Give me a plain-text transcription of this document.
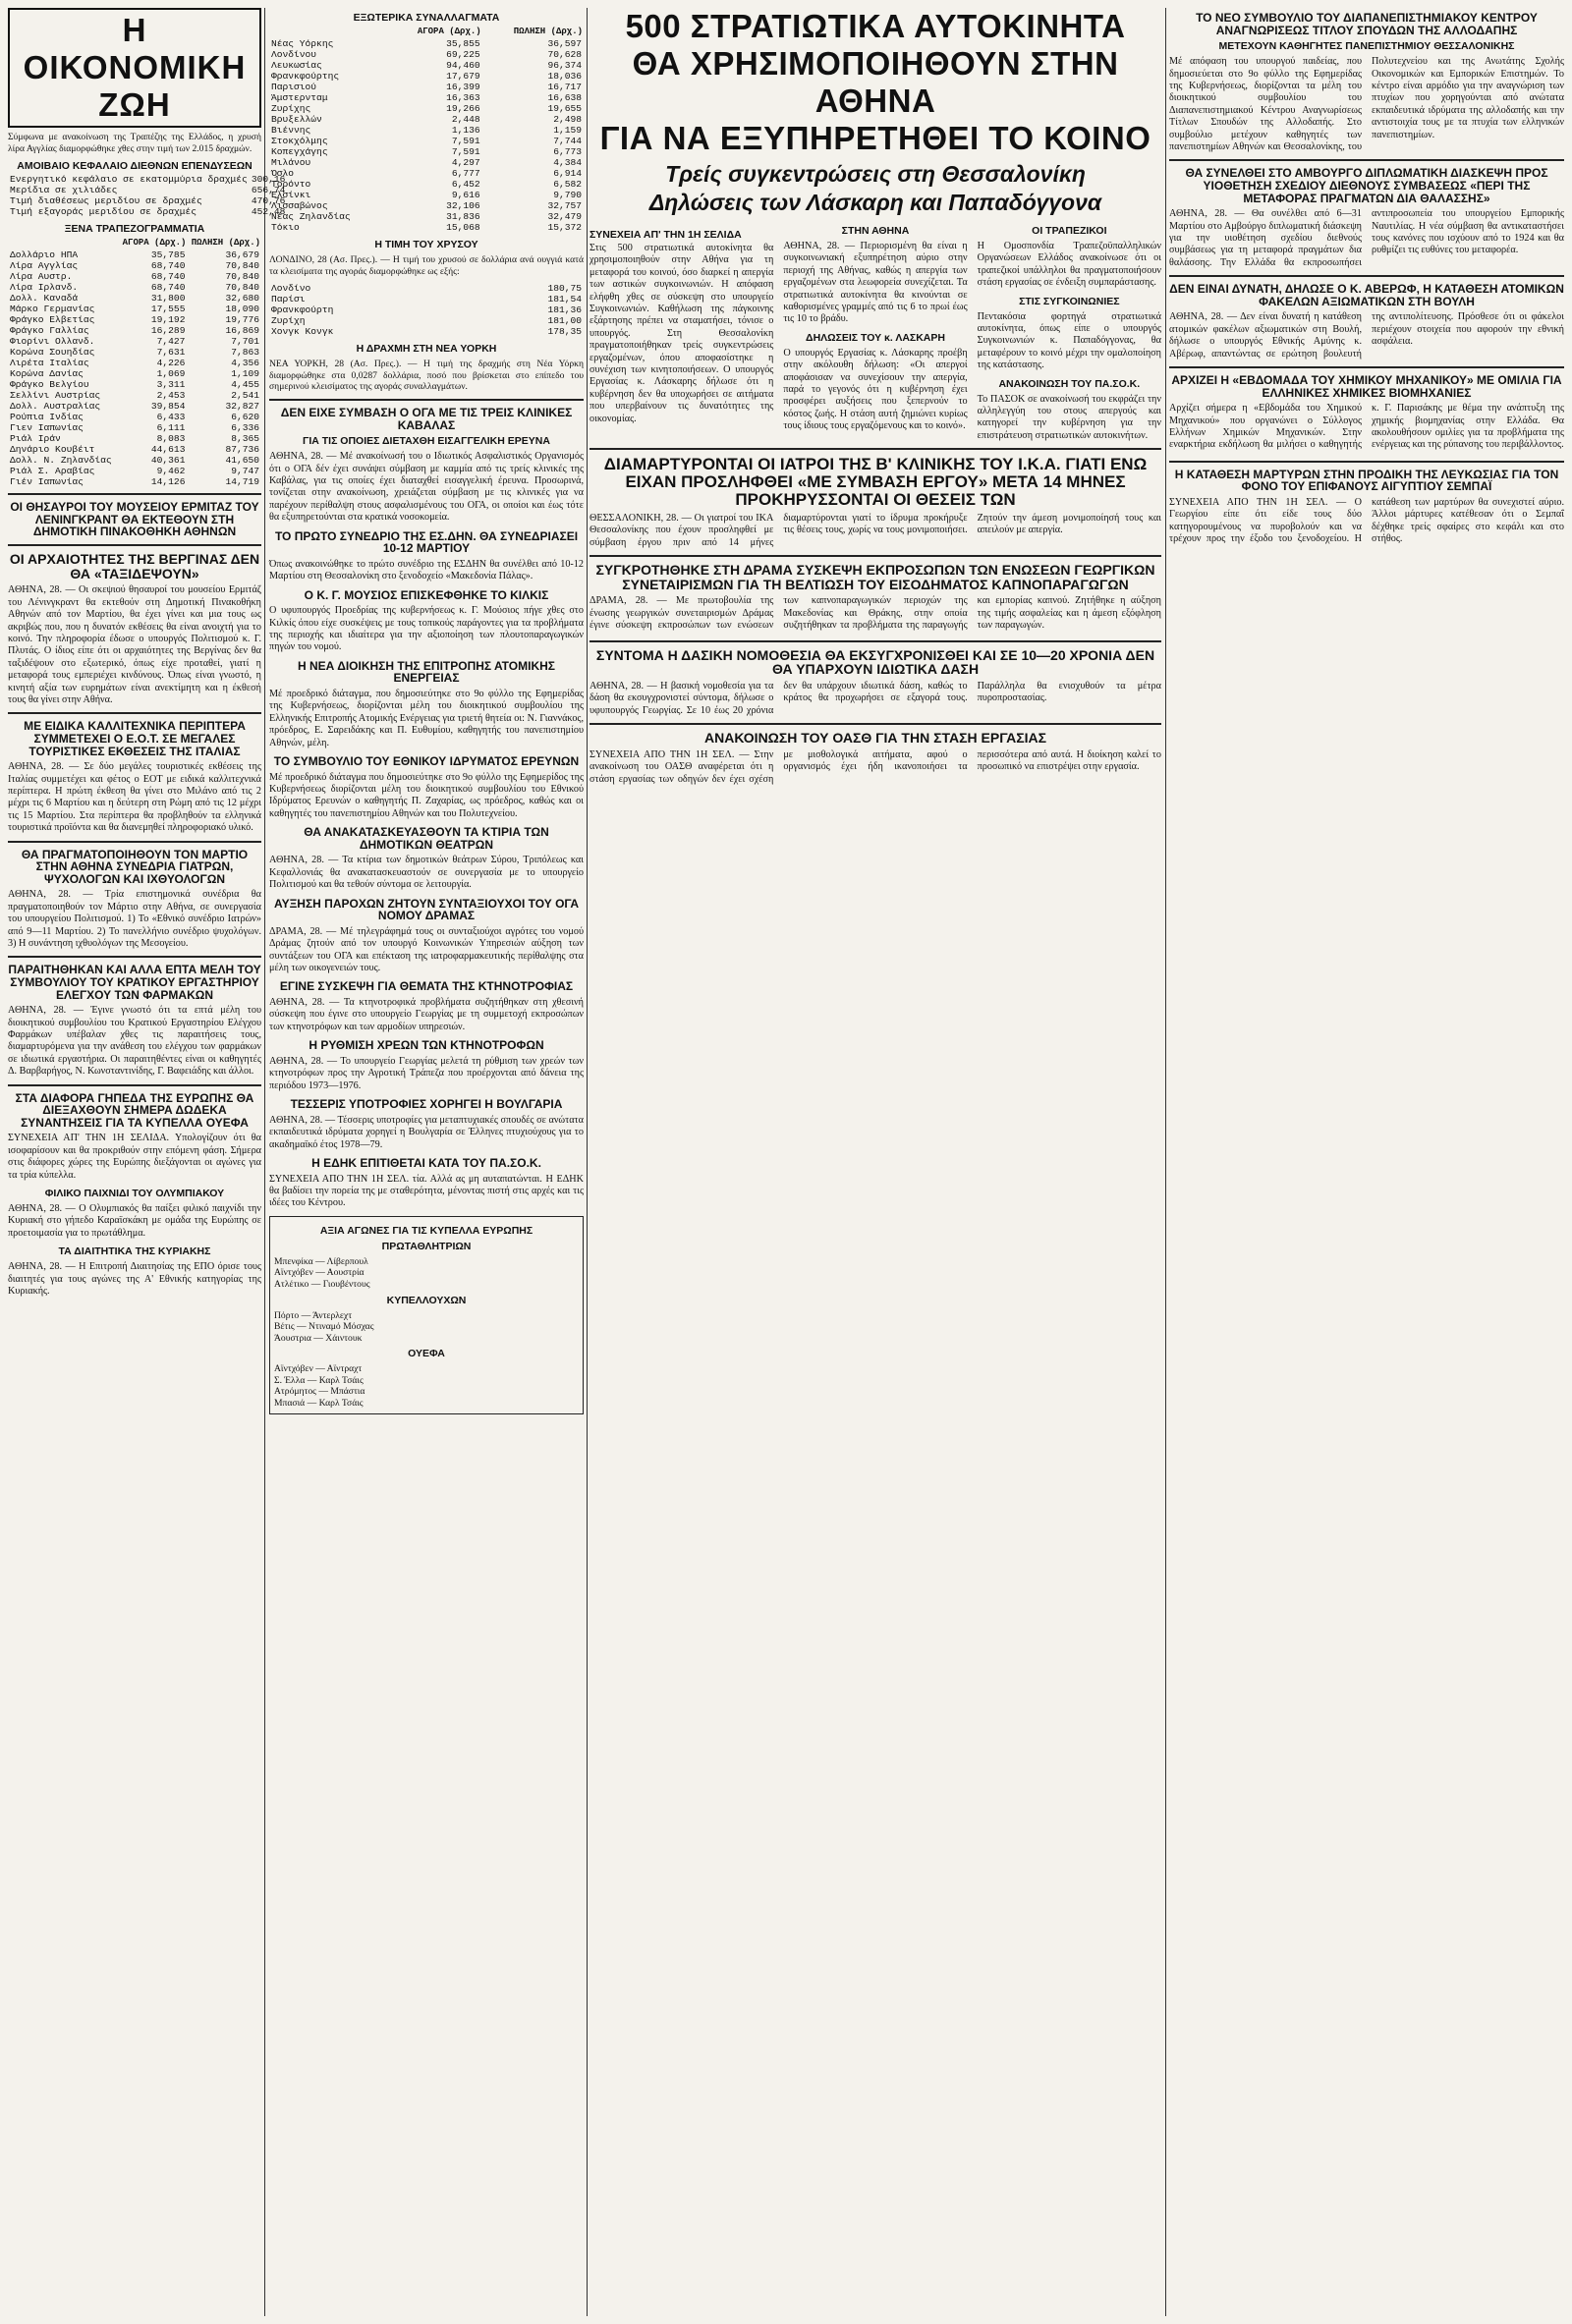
Η ΟΙΚΟΝΟΜΙΚΗ ΖΩΗ

Σύμφωνα με ανακοίνωση της Τραπέζης της Ελλάδος, η χρυσή λίρα Αγγλίας διαμορφώθηκε χθες στην τιμή των 2.015 δραχμών.

ΑΜΟΙΒΑΙΟ ΚΕΦΑΛΑΙΟ ΔΙΕΘΝΩΝ ΕΠΕΝΔΥΣΕΩΝ
Ενεργητικό κεφάλαιο σε εκατομμύρια δραχμές	300,16
Μερίδια σε χιλιάδες	656,74
Τιμή διαθέσεως μεριδίου σε δραχμές	470,76
Τιμή εξαγοράς μεριδίου σε δραχμές	452,48
ΞΕΝΑ ΤΡΑΠΕΖΟΓΡΑΜΜΑΤΙΑ
	ΑΓΟΡΑ (Δρχ.)	ΠΩΛΗΣΗ (Δρχ.)
Δολλάριο ΗΠΑ	35,785	36,679
Λίρα Αγγλίας	68,740	70,840
Λίρα Αυστρ.	68,740	70,840
Λίρα Ιρλανδ.	68,740	70,840
Δολλ. Καναδά	31,800	32,680
Μάρκο Γερμανίας	17,555	18,090
Φράγκο Ελβετίας	19,192	19,776
Φράγκο Γαλλίας	16,289	16,869
Φιορίνι Ολλανδ.	7,427	7,701
Κορώνα Σουηδίας	7,631	7,863
Λιρέτα Ιταλίας	4,226	4,356
Κορώνα Δανίας	1,069	1,109
Φράγκο Βελγίου	3,311	4,455
Σελλίνι Αυστρίας	2,453	2,541
Δολλ. Αυστραλίας	39,854	32,827
Ρούπια Ινδίας	6,433	6,620
Γιεν Ιαπωνίας	6,111	6,336
Ριάλ Ιράν	8,083	8,365
Δηνάριο Κουβέιτ	44,613	87,736
Δολλ. Ν. Ζηλανδίας	40,361	41,650
Ριάλ Σ. Αραβίας	9,462	9,747
Γιέν Ιαπωνίας	14,126	14,719
ΟΙ ΘΗΣΑΥΡΟΙ ΤΟΥ ΜΟΥΣΕΙΟΥ ΕΡΜΙΤΑΖ ΤΟΥ ΛΕΝΙΝΓΚΡΑΝΤ ΘΑ ΕΚΤΕΘΟΥΝ ΣΤΗ ΔΗΜΟΤΙΚΗ ΠΙΝΑΚΟΘΗΚΗ ΑΘΗΝΩΝ
ΟΙ ΑΡΧΑΙΟΤΗΤΕΣ ΤΗΣ ΒΕΡΓΙΝΑΣ ΔΕΝ ΘΑ «ΤΑΞΙΔΕΨΟΥΝ»

ΑΘΗΝΑ, 28. — Οι σκεψιού θησαυροί του μουσείου Ερμιτάζ του Λένινγκραντ θα εκτεθούν στη Δημοτική Πινακοθήκη Αθηνών από τον Μαρτίου, θα έχει γίνει και μια τους ως ακριβώς που, που η δυνατόν εκθέσεις θα είναι ανοιχτή για το κοινό. Την πληροφορία έδωσε ο υπουργός Πολιτισμού κ. Γ. Πλυτάς. Ο ίδιος είπε ότι οι αρχαιότητες της Βεργίνας δεν θα ταξιδέψουν στο εξωτερικό, όπως είχε προταθεί, γιατί η μεταφορά τους εμπεριέχει κινδύνους. Όπως είναι γνωστό, η κινητή αξία των ευρημάτων είναι ανεκτίμητη και η έκθεσή τους θα γίνει στην Αθήνα.

ΜΕ ΕΙΔΙΚΑ ΚΑΛΛΙΤΕΧΝΙΚΑ ΠΕΡΙΠΤΕΡΑ ΣΥΜΜΕΤΕΧΕΙ Ο Ε.Ο.Τ. ΣΕ ΜΕΓΑΛΕΣ ΤΟΥΡΙΣΤΙΚΕΣ ΕΚΘΕΣΕΙΣ ΤΗΣ ΙΤΑΛΙΑΣ

ΑΘΗΝΑ, 28. — Σε δύο μεγάλες τουριστικές εκθέσεις της Ιταλίας συμμετέχει και φέτος ο ΕΟΤ με ειδικά καλλιτεχνικά περίπτερα. Η πρώτη έκθεση θα γίνει στο Μιλάνο από τις 2 μέχρι τις 6 Μαρτίου και η δεύτερη στη Ρώμη από τις 12 μέχρι τις 15 Μαρτίου. Στα περίπτερα θα προβληθούν τα ελληνικά τουριστικά προϊόντα και θα διανεμηθεί πληροφοριακό υλικό.

ΘΑ ΠΡΑΓΜΑΤΟΠΟΙΗΘΟΥΝ ΤΟΝ ΜΑΡΤΙΟ ΣΤΗΝ ΑΘΗΝΑ ΣΥΝΕΔΡΙΑ ΓΙΑΤΡΩΝ, ΨΥΧΟΛΟΓΩΝ ΚΑΙ ΙΧΘΥΟΛΟΓΩΝ

ΑΘΗΝΑ, 28. — Τρία επιστημονικά συνέδρια θα πραγματοποιηθούν τον Μάρτιο στην Αθήνα, σε συνεργασία του υπουργείου Πολιτισμού. 1) Το «Εθνικό συνέδριο Ιατρών» από 9—11 Μαρτίου. 2) Το πανελλήνιο συνέδριο ψυχολόγων. 3) Η συνάντηση ιχθυολόγων της Μεσογείου.

ΠΑΡΑΙΤΗΘΗΚΑΝ ΚΑΙ ΑΛΛΑ ΕΠΤΑ ΜΕΛΗ ΤΟΥ ΣΥΜΒΟΥΛΙΟΥ ΤΟΥ ΚΡΑΤΙΚΟΥ ΕΡΓΑΣΤΗΡΙΟΥ ΕΛΕΓΧΟΥ ΤΩΝ ΦΑΡΜΑΚΩΝ

ΑΘΗΝΑ, 28. — Έγινε γνωστό ότι τα επτά μέλη του διοικητικού συμβουλίου του Κρατικού Εργαστηρίου Ελέγχου Φαρμάκων υπέβαλαν χθες τις παραιτήσεις τους, διαμαρτυρόμενα για την ανάθεση του ελέγχου των φαρμάκων σε ιδιωτικά εργαστήρια. Οι παραιτηθέντες είναι οι καθηγητές Δ. Βαρβαρήγος, Ν. Κωνσταντινίδης, Γ. Βαφειάδης και άλλοι.

ΣΤΑ ΔΙΑΦΟΡΑ ΓΗΠΕΔΑ ΤΗΣ ΕΥΡΩΠΗΣ ΘΑ ΔΙΕΞΑΧΘΟΥΝ ΣΗΜΕΡΑ ΔΩΔΕΚΑ ΣΥΝΑΝΤΗΣΕΙΣ ΓΙΑ ΤΑ ΚΥΠΕΛΛΑ ΟΥΕΦΑ

ΣΥΝΕΧΕΙΑ ΑΠ' ΤΗΝ 1Η ΣΕΛΙΔΑ. Υπολογίζουν ότι θα ισοφαρίσουν και θα προκριθούν στην επόμενη φάση. Σήμερα στις διάφορες χώρες της Ευρώπης διεξάγονται οι αγώνες για τα τρία κύπελλα.

ΦΙΛΙΚΟ ΠΑΙΧΝΙΔΙ ΤΟΥ ΟΛΥΜΠΙΑΚΟΥ

ΑΘΗΝΑ, 28. — Ο Ολυμπιακός θα παίξει φιλικό παιχνίδι την Κυριακή στο γήπεδο Καραϊσκάκη με ομάδα της Ευρώπης σε προετοιμασία για το πρωτάθλημα.

ΤΑ ΔΙΑΙΤΗΤΙΚΑ ΤΗΣ ΚΥΡΙΑΚΗΣ

ΑΘΗΝΑ, 28. — Η Επιτροπή Διαιτησίας της ΕΠΟ όρισε τους διαιτητές για τους αγώνες της Α' Εθνικής κατηγορίας της Κυριακής.

ΕΞΩΤΕΡΙΚΑ ΣΥΝΑΛΛΑΓΜΑΤΑ
	ΑΓΟΡΑ (Δρχ.)	ΠΩΛΗΣΗ (Δρχ.)
Νέας Υόρκης	35,855	36,597
Λονδίνου	69,225	70,628
Λευκωσίας	94,460	96,374
Φρανκφούρτης	17,679	18,036
Παρισιού	16,399	16,717
Άμστερνταμ	16,363	16,638
Ζυρίχης	19,266	19,655
Βρυξελλών	2,448	2,498
Βιέννης	1,136	1,159
Στοκχόλμης	7,591	7,744
Κοπεγχάγης	7,591	6,773
Μιλάνου	4,297	4,384
Όσλο	6,777	6,914
Τορόντο	6,452	6,582
Ελσίνκι	9,616	9,790
Λισσαβώνος	32,106	32,757
Νέας Ζηλανδίας	31,836	32,479
Τόκιο	15,068	15,372
Η ΤΙΜΗ ΤΟΥ ΧΡΥΣΟΥ

ΛΟΝΔΙΝΟ, 28 (Ασ. Πρες.). — Η τιμή του χρυσού σε δολλάρια ανά ουγγιά κατά τα κλεισίματα της αγοράς διαμορφώθηκε ως εξής:

Λονδίνο	180,75
Παρίσι	181,54
Φρανκφούρτη	181,36
Ζυρίχη	181,00
Χονγκ Κονγκ	178,35
Η ΔΡΑΧΜΗ ΣΤΗ ΝΕΑ ΥΟΡΚΗ

ΝΕΑ ΥΟΡΚΗ, 28 (Ασ. Πρες.). — Η τιμή της δραχμής στη Νέα Υόρκη διαμορφώθηκε στα 0,0287 δολλάρια, ποσό που βρίσκεται στο επίπεδο του σημερινού κλεισίματος της αγοράς συναλλαγμάτων.

ΔΕΝ ΕΙΧΕ ΣΥΜΒΑΣΗ Ο ΟΓΑ ΜΕ ΤΙΣ ΤΡΕΙΣ ΚΛΙΝΙΚΕΣ ΚΑΒΑΛΑΣ
ΓΙΑ ΤΙΣ ΟΠΟΙΕΣ ΔΙΕΤΑΧΘΗ ΕΙΣΑΓΓΕΛΙΚΗ ΕΡΕΥΝΑ

ΑΘΗΝΑ, 28. — Μέ ανακοίνωσή του ο Ιδιωτικός Ασφαλιστικός Οργανισμός ότι ο ΟΓΑ δέν έχει συνάψει σύμβαση με καμμία από τις τρείς κλινικές της Καβάλας, για τις οποίες έχει διαταχθεί εισαγγελική έρευνα. Προσωρινά, τονίζεται στην ανακοίνωση, χρειάζεται σύμβαση με τις κλινικές για να παρέχουν περίθαλψη στους ασφαλισμένους του ΟΓΑ, οι οποίοι και έως τότε θα εξυπηρετούνται στα κρατικά νοσοκομεία.

ΤΟ ΠΡΩΤΟ ΣΥΝΕΔΡΙΟ ΤΗΣ ΕΣ.ΔΗΝ. ΘΑ ΣΥΝΕΔΡΙΑΣΕΙ 10-12 ΜΑΡΤΙΟΥ

Όπως ανακοινώθηκε το πρώτο συνέδριο της ΕΣΔΗΝ θα συνέλθει από 10-12 Μαρτίου στη Θεσσαλονίκη στο ξενοδοχείο «Μακεδονία Πάλας».

Ο Κ. Γ. ΜΟΥΣΙΟΣ ΕΠΙΣΚΕΦΘΗΚΕ ΤΟ ΚΙΛΚΙΣ

Ο υφυπουργός Προεδρίας της κυβερνήσεως κ. Γ. Μούσιος πήγε χθες στο Κιλκίς όπου είχε συσκέψεις με τους τοπικούς παράγοντες για τα προβλήματα της περιοχής και ιδιαίτερα για την αξιοποίηση των πλουτοπαραγωγικών πηγών του νομού.

Η ΝΕΑ ΔΙΟΙΚΗΣΗ ΤΗΣ ΕΠΙΤΡΟΠΗΣ ΑΤΟΜΙΚΗΣ ΕΝΕΡΓΕΙΑΣ

Μέ προεδρικό διάταγμα, που δημοσιεύτηκε στο 9ο φύλλο της Εφημερίδας της Κυβερνήσεως, διορίζονται μέλη του διοικητικού συμβουλίου της Ελληνικής Επιτροπής Ατομικής Ενέργειας για τριετή θητεία οι: Ν. Γιαννάκος, πρόεδρος, Ε. Σαρειδάκης και Π. Ευθυμίου, καθηγητής του πανεπιστημίου Αθηνών, μέλη.

ΤΟ ΣΥΜΒΟΥΛΙΟ ΤΟΥ ΕΘΝΙΚΟΥ ΙΔΡΥΜΑΤΟΣ ΕΡΕΥΝΩΝ

Μέ προεδρικό διάταγμα που δημοσιεύτηκε στο 9ο φύλλο της Εφημερίδος της Κυβερνήσεως διορίζονται μέλη του διοικητικού συμβουλίου του Εθνικού Ιδρύματος Ερευνών ο καθηγητής Π. Ζαχαρίας, ως πρόεδρος, καθώς και οι καθηγητές του πανεπιστημίου Αθηνών και του Πολυτεχνείου.

ΘΑ ΑΝΑΚΑΤΑΣΚΕΥΑΣΘΟΥΝ ΤΑ ΚΤΙΡΙΑ ΤΩΝ ΔΗΜΟΤΙΚΩΝ ΘΕΑΤΡΩΝ

ΑΘΗΝΑ, 28. — Τα κτίρια των δημοτικών θεάτρων Σύρου, Τριπόλεως και Κεφαλλονιάς θα ανακατασκευαστούν σε συνεργασία με το υπουργείο Πολιτισμού και θα τεθούν σύντομα σε λειτουργία.

ΑΥΞΗΣΗ ΠΑΡΟΧΩΝ ΖΗΤΟΥΝ ΣΥΝΤΑΞΙΟΥΧΟΙ ΤΟΥ ΟΓΑ ΝΟΜΟΥ ΔΡΑΜΑΣ

ΔΡΑΜΑ, 28. — Μέ τηλεγράφημά τους οι συνταξιούχοι αγρότες του νομού Δράμας ζητούν από τον υπουργό Κοινωνικών Υπηρεσιών αύξηση των συντάξεων του ΟΓΑ και επέκταση της ιατροφαρμακευτικής περίθαλψης στα μέλη των οικογενειών τους.

ΕΓΙΝΕ ΣΥΣΚΕΨΗ ΓΙΑ ΘΕΜΑΤΑ ΤΗΣ ΚΤΗΝΟΤΡΟΦΙΑΣ

ΑΘΗΝΑ, 28. — Τα κτηνοτροφικά προβλήματα συζητήθηκαν στη χθεσινή σύσκεψη που έγινε στο υπουργείο Γεωργίας με τη συμμετοχή εκπροσώπων των κτηνοτρόφων και των αρμοδίων υπηρεσιών.

Η ΡΥΘΜΙΣΗ ΧΡΕΩΝ ΤΩΝ ΚΤΗΝΟΤΡΟΦΩΝ

ΑΘΗΝΑ, 28. — Το υπουργείο Γεωργίας μελετά τη ρύθμιση των χρεών των κτηνοτρόφων προς την Αγροτική Τράπεζα που προέρχονται από δάνεια της περιόδου 1973—1976.

ΤΕΣΣΕΡΙΣ ΥΠΟΤΡΟΦΙΕΣ ΧΟΡΗΓΕΙ Η ΒΟΥΛΓΑΡΙΑ

ΑΘΗΝΑ, 28. — Τέσσερις υποτροφίες για μεταπτυχιακές σπουδές σε ανώτατα εκπαιδευτικά ιδρύματα χορηγεί η Βουλγαρία σε Έλληνες πτυχιούχους για το ακαδημαϊκό έτος 1978—79.

Η ΕΔΗΚ ΕΠΙΤΙΘΕΤΑΙ ΚΑΤΑ ΤΟΥ ΠΑ.ΣΟ.Κ.

ΣΥΝΕΧΕΙΑ ΑΠΟ ΤΗΝ 1Η ΣΕΛ. τία. Αλλά ας μη αυταπατώνται. Η ΕΔΗΚ θα βαδίσει την πορεία της με σταθερότητα, μένοντας πιστή στις αρχές και τις ιδέες του Κέντρου.

ΑΞΙΑ ΑΓΩΝΕΣ ΓΙΑ ΤΙΣ ΚΥΠΕΛΛΑ ΕΥΡΩΠΗΣ
ΠΡΩΤΑΘΛΗΤΡΙΩΝ
Μπενφίκα — Λίβερπουλ
Αϊντχόβεν — Αουστρία
Ατλέτικο — Γιουβέντους
ΚΥΠΕΛΛΟΥΧΩΝ
Πόρτο — Άντερλεχτ
Βέτις — Ντιναμό Μόσχας
Άουστρια — Χάιντουκ
ΟΥΕΦΑ
Αϊντχόβεν — Αϊντραχτ
Σ. Έλλα — Καρλ Τσάις
Ατρόμητος — Μπάστια
Μπασιά — Καρλ Τσάις
500 ΣΤΡΑΤΙΩΤΙΚΑ ΑΥΤΟΚΙΝΗΤΑ
ΘΑ ΧΡΗΣΙΜΟΠΟΙΗΘΟΥΝ ΣΤΗΝ ΑΘΗΝΑ
ΓΙΑ ΝΑ ΕΞΥΠΗΡΕΤΗΘΕΙ ΤΟ ΚΟΙΝΟ
Τρείς συγκεντρώσεις στη Θεσσαλονίκη
Δηλώσεις των Λάσκαρη και Παπαδόγγονα
ΣΥΝΕΧΕΙΑ ΑΠ' ΤΗΝ 1Η ΣΕΛΙΔΑ

Στις 500 στρατιωτικά αυτοκίνητα θα χρησιμοποιηθούν στην Αθήνα για τη μεταφορά του κοινού, όσο διαρκεί η απεργία των αστικών συγκοινωνιών. Η απόφαση ελήφθη χθες σε σύσκεψη στο υπουργείο Συγκοινωνιών. Καθήλωση της πάγκοινης εξάρτησης πρέπει να σταματήσει, τόνισε ο υπουργός. Στη Θεσσαλονίκη πραγματοποιήθηκαν τρείς συγκεντρώσεις εργαζομένων, όπου αποφασίστηκε η συνέχιση των κινητοποιήσεων. Ο υπουργός Εργασίας κ. Λάσκαρης δήλωσε ότι η κυβέρνηση δεν θα υποχωρήσει σε αιτήματα που υπερβαίνουν τις δυνατότητες της οικονομίας.

ΣΤΗΝ ΑΘΗΝΑ

ΑΘΗΝΑ, 28. — Περιορισμένη θα είναι η συγκοινωνιακή εξυπηρέτηση αύριο στην περιοχή της Αθήνας, καθώς η απεργία των εργαζομένων στα λεωφορεία συνεχίζεται. Τα στρατιωτικά αυτοκίνητα θα κινούνται σε καθορισμένες γραμμές από τις 6 το πρωί έως τις 10 το βράδυ.

ΔΗΛΩΣΕΙΣ ΤΟΥ κ. ΛΑΣΚΑΡΗ

Ο υπουργός Εργασίας κ. Λάσκαρης προέβη στην ακόλουθη δήλωση: «Οι απεργοί αποφάσισαν να συνεχίσουν την απεργία, παρά το γεγονός ότι η κυβέρνηση έχει προσφέρει αυξήσεις που ξεπερνούν το κόστος ζωής. Η στάση αυτή ζημιώνει κυρίως τους ίδιους τους εργαζόμενους και το κοινό».

ΟΙ ΤΡΑΠΕΖΙΚΟΙ

Η Ομοσπονδία Τραπεζοϋπαλληλικών Οργανώσεων Ελλάδος ανακοίνωσε ότι οι τραπεζικοί υπάλληλοι θα πραγματοποιήσουν στάση εργασίας σε ένδειξη συμπαράστασης.

ΣΤΙΣ ΣΥΓΚΟΙΝΩΝΙΕΣ

Πεντακόσια φορτηγά στρατιωτικά αυτοκίνητα, όπως είπε ο υπουργός Συγκοινωνιών κ. Παπαδόγγονας, θα μεταφέρουν το κοινό μέχρι την ομαλοποίηση της κατάστασης.

ΑΝΑΚΟΙΝΩΣΗ ΤΟΥ ΠΑ.ΣΟ.Κ.

Το ΠΑΣΟΚ σε ανακοίνωσή του εκφράζει την αλληλεγγύη του στους απεργούς και κατηγορεί την κυβέρνηση για την επιστράτευση στρατιωτικών αυτοκινήτων.

ΔΙΑΜΑΡΤΥΡΟΝΤΑΙ ΟΙ ΙΑΤΡΟΙ ΤΗΣ Β' ΚΛΙΝΙΚΗΣ ΤΟΥ Ι.Κ.Α. ΓΙΑΤΙ ΕΝΩ ΕΙΧΑΝ ΠΡΟΣΛΗΦΘΕΙ «ΜΕ ΣΥΜΒΑΣΗ ΕΡΓΟΥ» ΜΕΤΑ 14 ΜΗΝΕΣ ΠΡΟΚΗΡΥΣΣΟΝΤΑΙ ΟΙ ΘΕΣΕΙΣ ΤΩΝ

ΘΕΣΣΑΛΟΝΙΚΗ, 28. — Οι γιατροί του ΙΚΑ Θεσσαλονίκης που έχουν προσληφθεί με σύμβαση έργου πριν από 14 μήνες διαμαρτύρονται γιατί το ίδρυμα προκήρυξε τις θέσεις τους, χωρίς να τους μονιμοποιήσει. Ζητούν την άμεση μονιμοποίησή τους και απειλούν με απεργία.

ΣΥΓΚΡΟΤΗΘΗΚΕ ΣΤΗ ΔΡΑΜΑ ΣΥΣΚΕΨΗ ΕΚΠΡΟΣΩΠΩΝ ΤΩΝ ΕΝΩΣΕΩΝ ΓΕΩΡΓΙΚΩΝ ΣΥΝΕΤΑΙΡΙΣΜΩΝ ΓΙΑ ΤΗ ΒΕΛΤΙΩΣΗ ΤΟΥ ΕΙΣΟΔΗΜΑΤΟΣ ΚΑΠΝΟΠΑΡΑΓΩΓΩΝ

ΔΡΑΜΑ, 28. — Με πρωτοβουλία της ένωσης γεωργικών συνεταιρισμών Δράμας έγινε σύσκεψη εκπροσώπων των ενώσεων των καπνοπαραγωγικών περιοχών της Μακεδονίας και Θράκης, στην οποία συζητήθηκαν τα προβλήματα της παραγωγής και εμπορίας καπνού. Ζητήθηκε η αύξηση της τιμής ασφαλείας και η άμεση εξόφληση των παραγωγών.

ΣΥΝΤΟΜΑ Η ΔΑΣΙΚΗ ΝΟΜΟΘΕΣΙΑ ΘΑ ΕΚΣΥΓΧΡΟΝΙΣΘΕΙ ΚΑΙ ΣΕ 10—20 ΧΡΟΝΙΑ ΔΕΝ ΘΑ ΥΠΑΡΧΟΥΝ ΙΔΙΩΤΙΚΑ ΔΑΣΗ

ΑΘΗΝΑ, 28. — Η βασική νομοθεσία για τα δάση θα εκσυγχρονιστεί σύντομα, δήλωσε ο υφυπουργός Γεωργίας. Σε 10 έως 20 χρόνια δεν θα υπάρχουν ιδιωτικά δάση, καθώς το κράτος θα προχωρήσει σε εξαγορά τους. Παράλληλα θα ενισχυθούν τα μέτρα πυροπροστασίας.

ΑΝΑΚΟΙΝΩΣΗ ΤΟΥ ΟΑΣΘ ΓΙΑ ΤΗΝ ΣΤΑΣΗ ΕΡΓΑΣΙΑΣ

ΣΥΝΕΧΕΙΑ ΑΠΟ ΤΗΝ 1Η ΣΕΛ. — Στην ανακοίνωση του ΟΑΣΘ αναφέρεται ότι η στάση εργασίας των οδηγών δεν έχει σχέση με μισθολογικά αιτήματα, αφού ο οργανισμός έχει ήδη ικανοποιήσει τα περισσότερα από αυτά. Η διοίκηση καλεί το προσωπικό να επιστρέψει στην εργασία.

ΤΟ ΝΕΟ ΣΥΜΒΟΥΛΙΟ ΤΟΥ ΔΙΑΠΑΝΕΠΙΣΤΗΜΙΑΚΟΥ ΚΕΝΤΡΟΥ ΑΝΑΓΝΩΡΙΣΕΩΣ ΤΙΤΛΟΥ ΣΠΟΥΔΩΝ ΤΗΣ ΑΛΛΟΔΑΠΗΣ
ΜΕΤΕΧΟΥΝ ΚΑΘΗΓΗΤΕΣ ΠΑΝΕΠΙΣΤΗΜΙΟΥ ΘΕΣΣΑΛΟΝΙΚΗΣ

Μέ απόφαση του υπουργού παιδείας, που δημοσιεύεται στο 9ο φύλλο της Εφημερίδας της Κυβερνήσεως, διορίζονται τα μέλη του διοικητικού συμβουλίου του Διαπανεπιστημιακού Κέντρου Αναγνωρίσεως Τίτλων Σπουδών της Αλλοδαπής. Στο συμβούλιο μετέχουν καθηγητές των πανεπιστημίων Αθηνών και Θεσσαλονίκης, του Πολυτεχνείου και της Ανωτάτης Σχολής Οικονομικών και Εμπορικών Επιστημών. Το κέντρο είναι αρμόδιο για την αναγνώριση των πτυχίων που χορηγούνται από ανώτατα εκπαιδευτικά ιδρύματα της αλλοδαπής και την αντιστοιχία τους με τα πτυχία των ελληνικών πανεπιστημίων.

ΘΑ ΣΥΝΕΛΘΕΙ ΣΤΟ ΑΜΒΟΥΡΓΟ ΔΙΠΛΩΜΑΤΙΚΗ ΔΙΑΣΚΕΨΗ ΠΡΟΣ ΥΙΟΘΕΤΗΣΗ ΣΧΕΔΙΟΥ ΔΙΕΘΝΟΥΣ ΣΥΜΒΑΣΕΩΣ «ΠΕΡΙ ΤΗΣ ΜΕΤΑΦΟΡΑΣ ΠΡΑΓΜΑΤΩΝ ΔΙΑ ΘΑΛΑΣΣΗΣ»

ΑΘΗΝΑ, 28. — Θα συνέλθει από 6—31 Μαρτίου στο Αμβούργο διπλωματική διάσκεψη για την υιοθέτηση σχεδίου διεθνούς συμβάσεως για τη μεταφορά πραγμάτων δια θαλάσσης. Την Ελλάδα θα εκπροσωπήσει αντιπροσωπεία του υπουργείου Εμπορικής Ναυτιλίας. Η νέα σύμβαση θα αντικαταστήσει τους κανόνες που ισχύουν από το 1924 και θα ρυθμίζει τις ευθύνες του μεταφορέα.

ΔΕΝ ΕΙΝΑΙ ΔΥΝΑΤΗ, ΔΗΛΩΣΕ Ο Κ. ΑΒΕΡΩΦ, Η ΚΑΤΑΘΕΣΗ ΑΤΟΜΙΚΩΝ ΦΑΚΕΛΩΝ ΑΞΙΩΜΑΤΙΚΩΝ ΣΤΗ ΒΟΥΛΗ

ΑΘΗΝΑ, 28. — Δεν είναι δυνατή η κατάθεση ατομικών φακέλων αξιωματικών στη Βουλή, δήλωσε ο υπουργός Εθνικής Αμύνης κ. Αβέρωφ, απαντώντας σε ερώτηση βουλευτή της αντιπολίτευσης. Πρόσθεσε ότι οι φάκελοι περιέχουν στοιχεία που αφορούν την εθνική ασφάλεια.

ΑΡΧΙΖΕΙ Η «ΕΒΔΟΜΑΔΑ ΤΟΥ ΧΗΜΙΚΟΥ ΜΗΧΑΝΙΚΟΥ» ΜΕ ΟΜΙΛΙΑ ΓΙΑ ΕΛΛΗΝΙΚΕΣ ΧΗΜΙΚΕΣ ΒΙΟΜΗΧΑΝΙΕΣ

Αρχίζει σήμερα η «Εβδομάδα του Χημικού Μηχανικού» που οργανώνει ο Σύλλογος Ελλήνων Χημικών Μηχανικών. Στην εναρκτήρια εκδήλωση θα μιλήσει ο καθηγητής κ. Γ. Παρισάκης με θέμα την ανάπτυξη της χημικής βιομηχανίας στην Ελλάδα. Θα ακολουθήσουν ομιλίες για τα προβλήματα της ενέργειας και της ρύπανσης του περιβάλλοντος.

Η ΚΑΤΑΘΕΣΗ ΜΑΡΤΥΡΩΝ ΣΤΗΝ ΠΡΟΔΙΚΗ ΤΗΣ ΛΕΥΚΩΣΙΑΣ ΓΙΑ ΤΟΝ ΦΟΝΟ ΤΟΥ ΕΠΙΦΑΝΟΥΣ ΑΙΓΥΠΤΙΟΥ ΣΕΜΠΑΪ

ΣΥΝΕΧΕΙΑ ΑΠΟ ΤΗΝ 1Η ΣΕΛ. — Ο Γεωργίου είπε ότι είδε τους δύο κατηγορουμένους να πυροβολούν και να τρέχουν προς την έξοδο του ξενοδοχείου. Η κατάθεση των μαρτύρων θα συνεχιστεί αύριο. Άλλοι μάρτυρες κατέθεσαν ότι ο Σεμπαΐ δέχθηκε τρείς σφαίρες στο κεφάλι και στο στήθος.
